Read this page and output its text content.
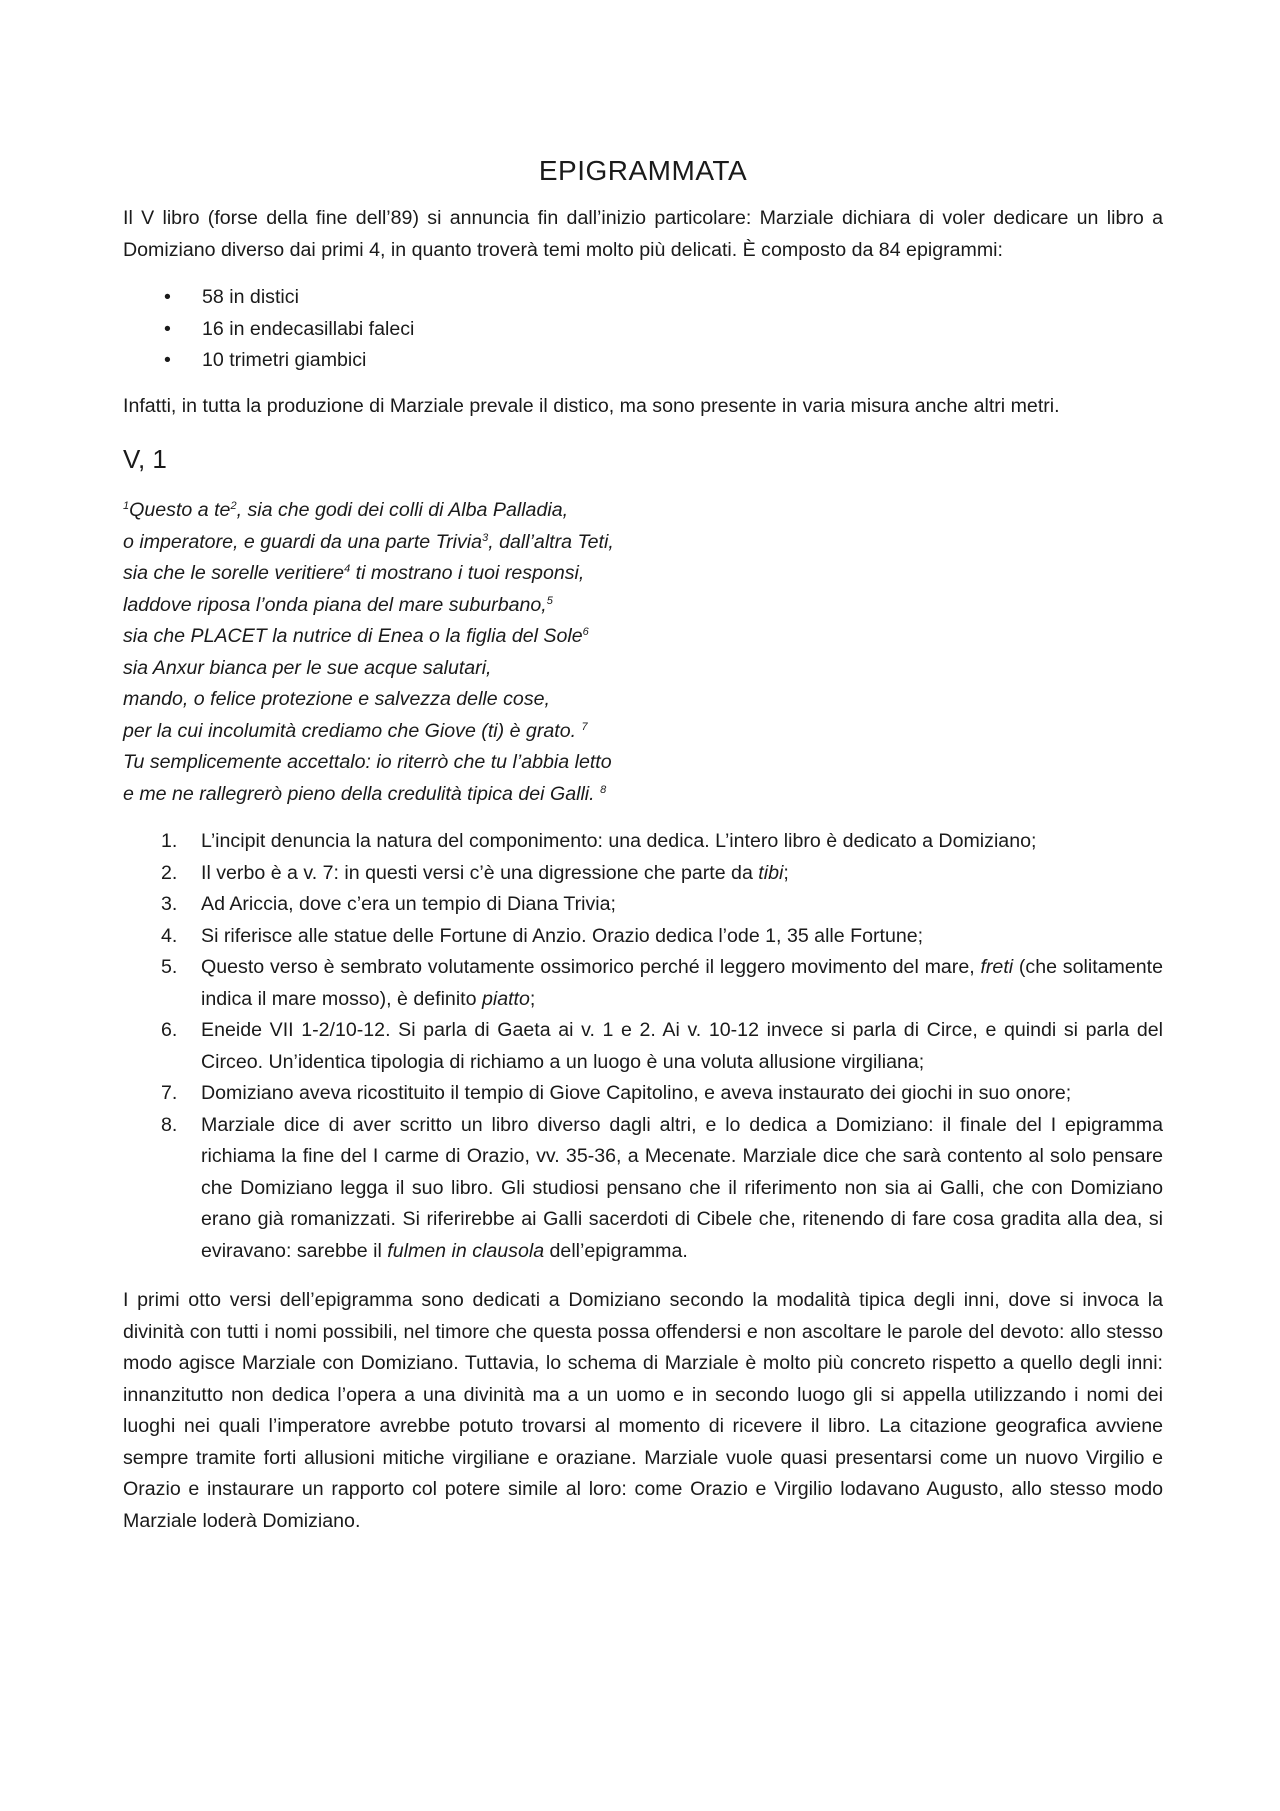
EPIGRAMMATA

Il V libro (forse della fine dell’89) si annuncia fin dall’inizio particolare: Marziale dichiara di voler dedicare un libro a Domiziano diverso dai primi 4, in quanto troverà temi molto più delicati. È composto da 84 epigrammi:

• 58 in distici
• 16 in endecasillabi faleci
• 10 trimetri giambici

Infatti, in tutta la produzione di Marziale prevale il distico, ma sono presente in varia misura anche altri metri.

V, 1
$^1$Questo a $te^2$, sia che godi dei colli di Alba Palladia,
o imperatore, e guardi da una parte Trivia$^3$, dall’altra Teti,
sia che le sorelle veritiere$^4$ ti mostrano i tuoi responsi,
laddove riposa l’onda piana del mare suburbano,$^5$
sia che PLACET la nutrice di Enea o la figlia del Sole$^6$
sia Anxur bianca per le sue acque salutari,
mando, o felice protezione e salvezza delle cose,
per la cui incolumità crediamo che Giove (ti) è grato. $^7$
Tu semplicemente accettalo: io riterrò che tu l’abbia letto
e me ne rallegrerò pieno della credulità tipica dei Galli. $^8$
1. L’incipit denuncia la natura del componimento: una dedica. L’intero libro è dedicato a Domiziano;
2. Il verbo è a v. 7: in questi versi c’è una digressione che parte da tibi;
3. Ad Ariccia, dove c’era un tempio di Diana Trivia;
4. Si riferisce alle statue delle Fortune di Anzio. Orazio dedica l’ode 1, 35 alle Fortune;
5. Questo verso è sembrato volutamente ossimorico perché il leggero movimento del mare, freti (che solitamente indica il mare mosso), è definito piatto;
6. Eneide VII 1-2/10-12. Si parla di Gaeta ai v. 1 e 2. Ai v. 10-12 invece si parla di Circe, e quindi si parla del Circeo. Un’identica tipologia di richiamo a un luogo è una voluta allusione virgiliana;
7. Domiziano aveva ricostituito il tempio di Giove Capitolino, e aveva instaurato dei giochi in suo onore;
8. Marziale dice di aver scritto un libro diverso dagli altri, e lo dedica a Domiziano: il finale del I epigramma richiama la fine del I carme di Orazio, vv. 35-36, a Mecenate. Marziale dice che sarà contento al solo pensare che Domiziano legga il suo libro. Gli studiosi pensano che il riferimento non sia ai Galli, che con Domiziano erano già romanizzati. Si riferirebbe ai Galli sacerdoti di Cibele che, ritenendo di fare cosa gradita alla dea, si eviravano: sarebbe il fulmen in clausola dell’epigramma.

I primi otto versi dell’epigramma sono dedicati a Domiziano secondo la modalità tipica degli inni, dove si invoca la divinità con tutti i nomi possibili, nel timore che questa possa offendersi e non ascoltare le parole del devoto: allo stesso modo agisce Marziale con Domiziano. Tuttavia, lo schema di Marziale è molto più concreto rispetto a quello degli inni: innanzitutto non dedica l’opera a una divinità ma a un uomo e in secondo luogo gli si appella utilizzando i nomi dei luoghi nei quali l’imperatore avrebbe potuto trovarsi al momento di ricevere il libro. La citazione geografica avviene sempre tramite forti allusioni mitiche virgiliane e oraziane. Marziale vuole quasi presentarsi come un nuovo Virgilio e Orazio e instaurare un rapporto col potere simile al loro: come Orazio e Virgilio lodavano Augusto, allo stesso modo Marziale loderà Domiziano.
